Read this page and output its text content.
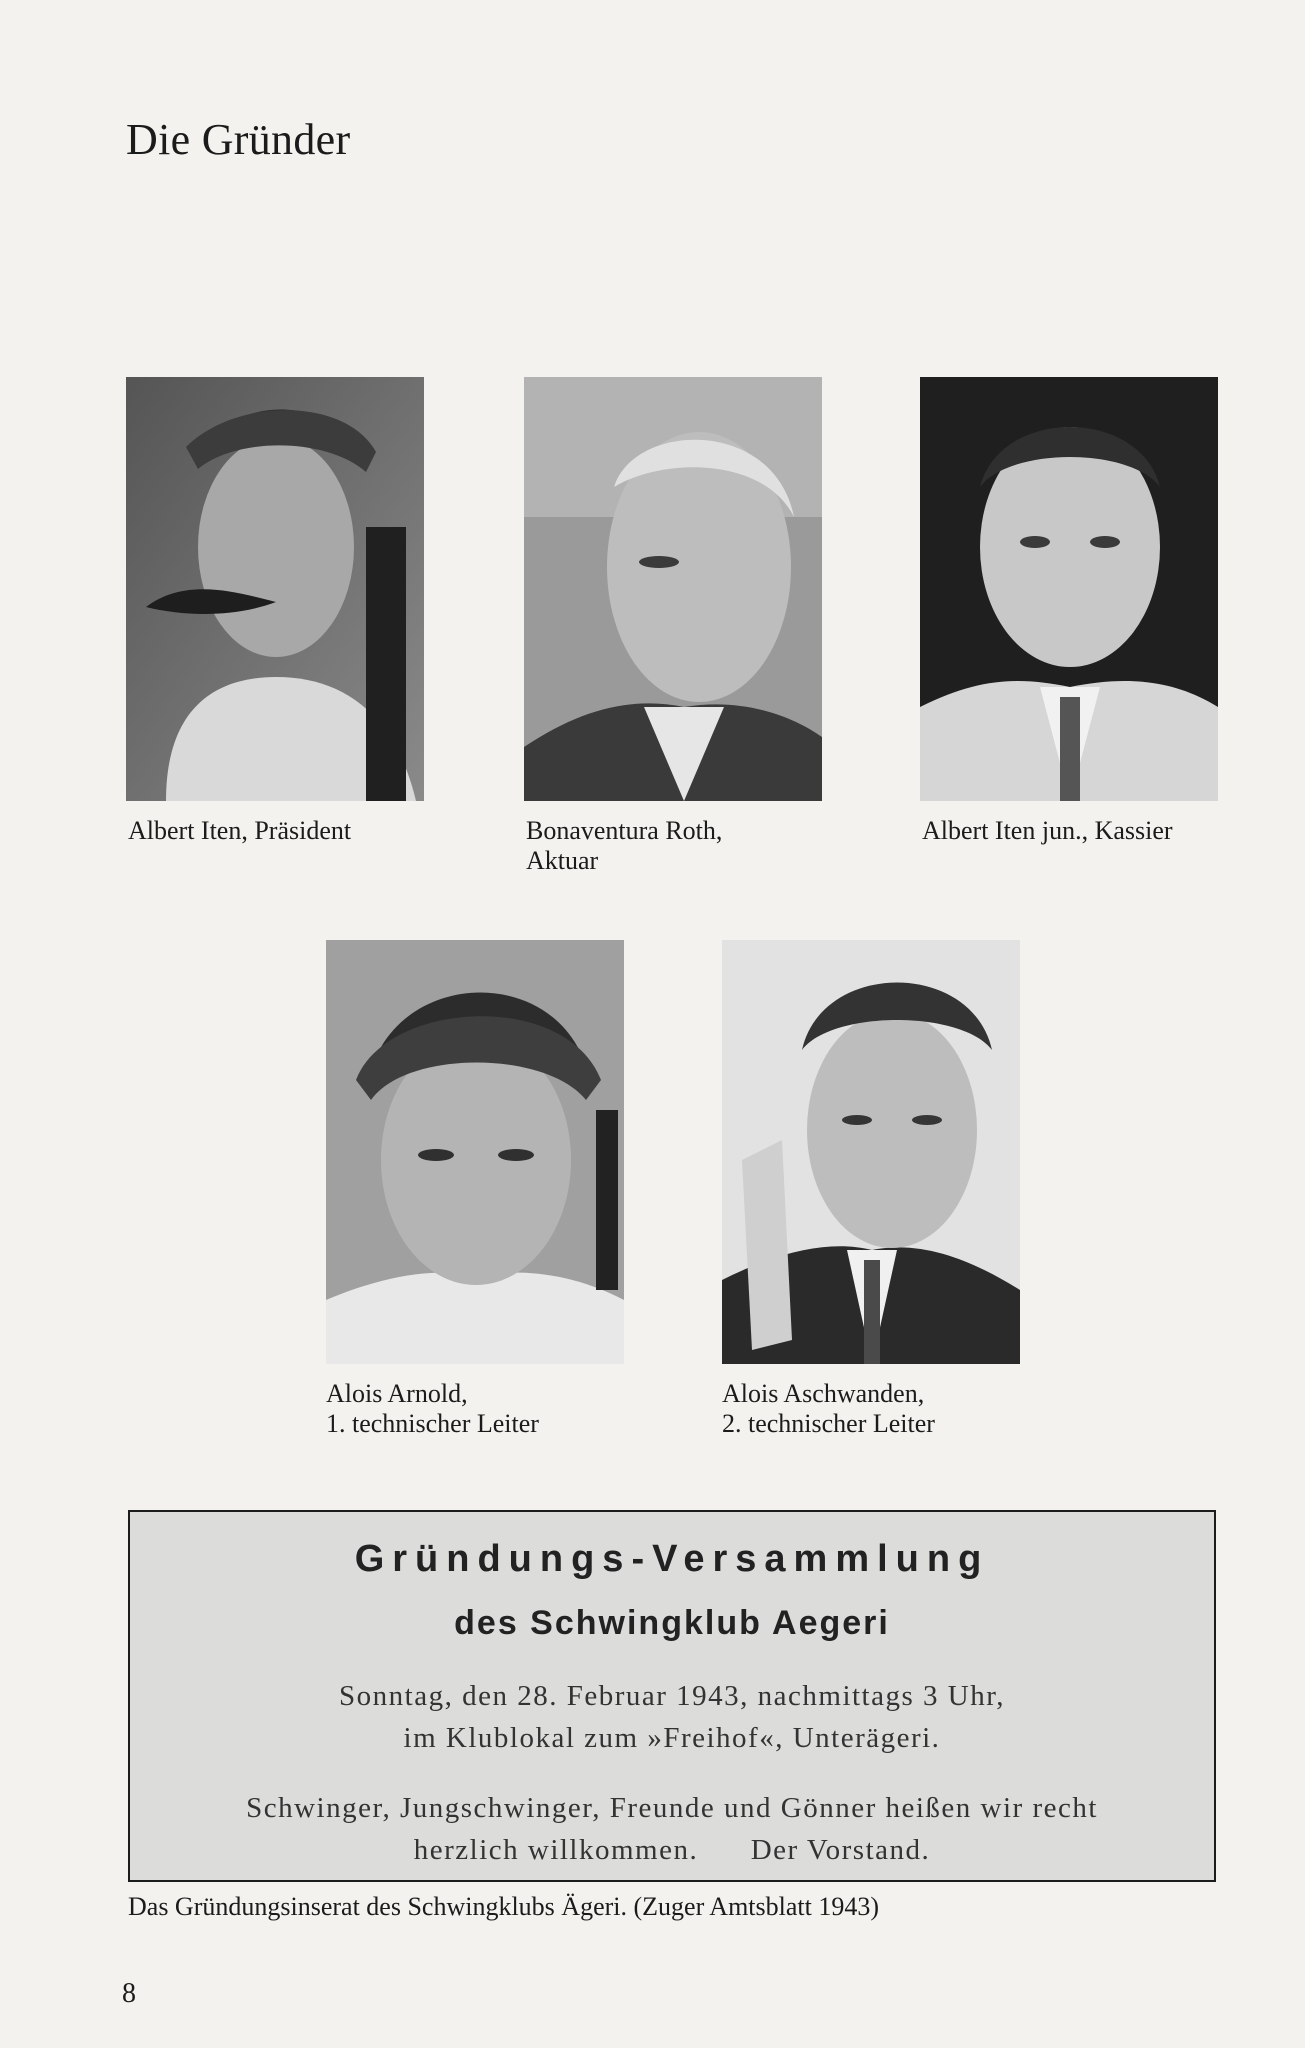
Die Gründer
Albert Iten, Präsident	Bonaventura Roth,
Aktuar
Albert Iten jun., Kassier
Alois Arnold,
1. technischer Leiter
Alois Aschwanden,
2. technischer Leiter
Gründungs-Versammlung
des Schwingklub Aegeri
Sonntag, den 28. Februar 1943, nachmittags 3 Uhr,
im Klublokal zum »Freihof«, Unterägeri.
Schwinger, Jungschwinger, Freunde und Gönner heißen wir recht
herzlich willkommen.      Der Vorstand.
Das Gründungsinserat des Schwingklubs Ägeri. (Zuger Amtsblatt 1943)
8
